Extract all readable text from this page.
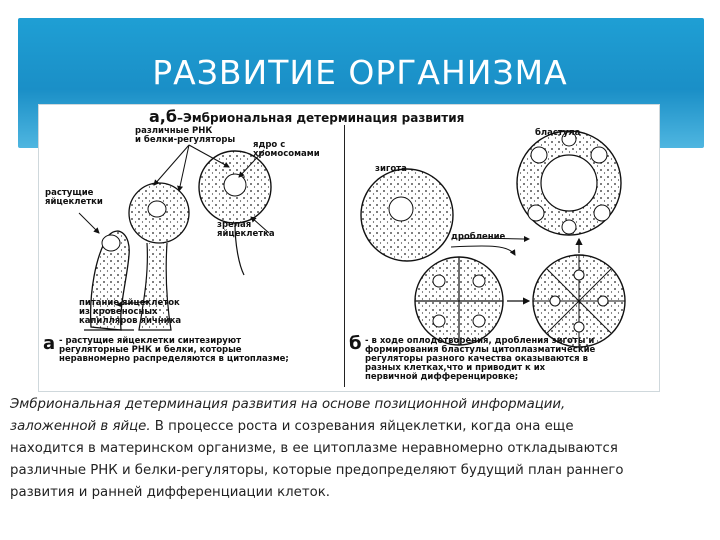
РАЗВИТИЕ ОРГАНИЗМА
а,б–Эмбриональная детерминация развития
различные РНК
и белки-регуляторы ядро с
хромосомами
растущие
яйцеклетки
зрелая
яйцеклетка
питание яйцеклеток
из кровеносных
капилляров яичника
бластула
зигота
дробление
а - растущие яйцеклетки синтезируют
регуляторные РНК и белки, которые
неравномерно распределяются в цитоплазме;
б - в ходе оплодотворения, дробления зиготы и
формирования бластулы цитоплазматические
регуляторы разного качества оказываются в
разных клетках,что и приводит к их
первичной дифференцировке;
Эмбриональная детерминация развития на основе позиционной информации,
заложенной в яйце. В процессе роста и созревания яйцеклетки, когда она еще
находится в материнском организме, в ее цитоплазме неравномерно откладываются
различные РНК и белки-регуляторы, которые предопределяют будущий план раннего
развития и ранней дифференциации клеток.
